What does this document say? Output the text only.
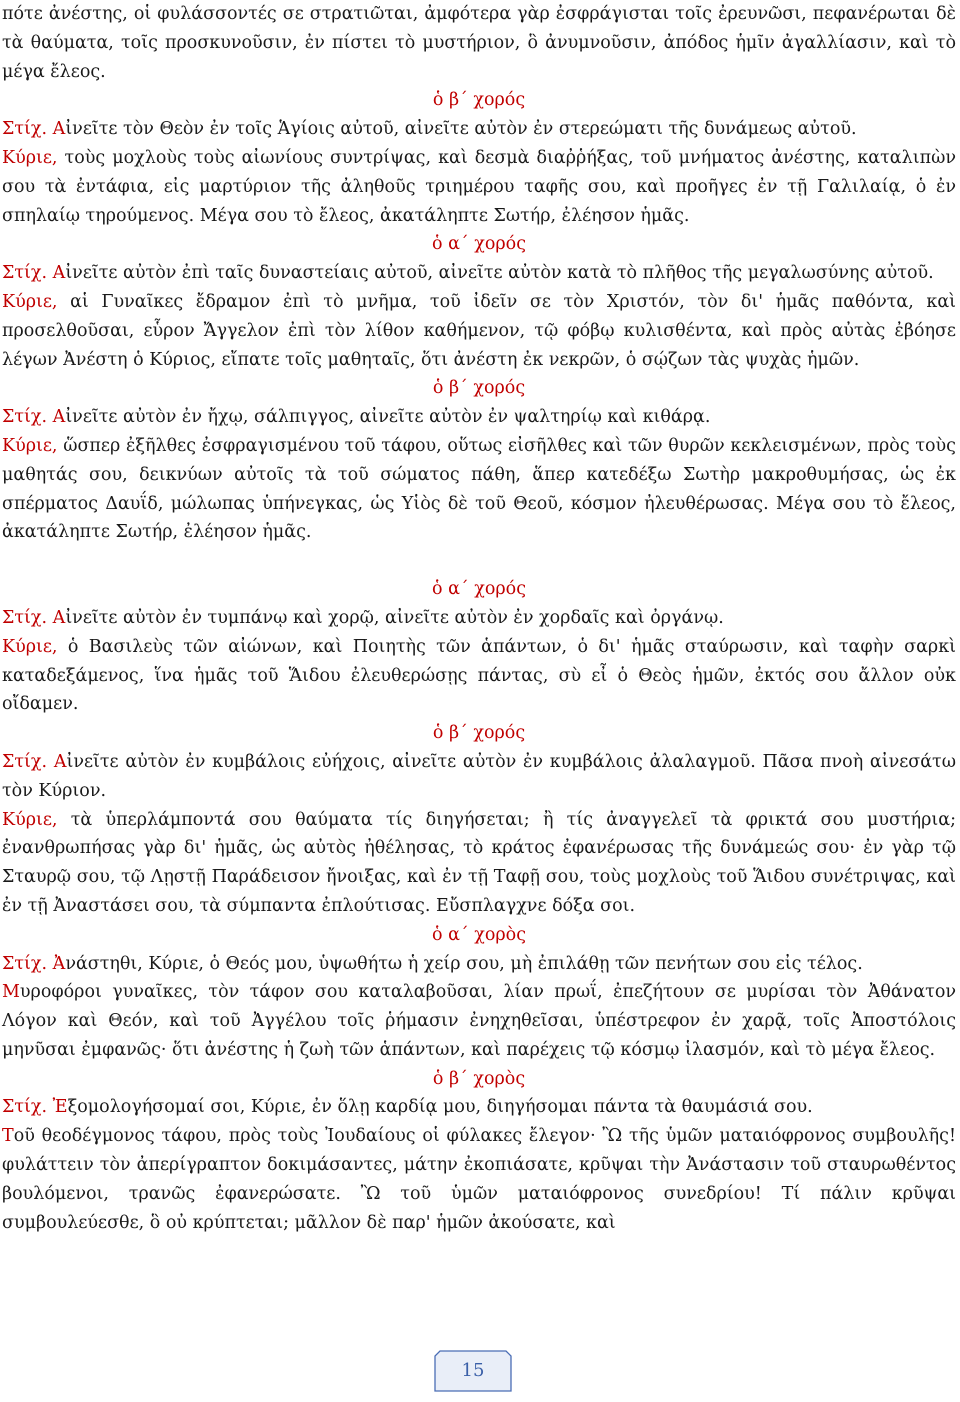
πότε ἀνέστης, οἱ φυλάσσοντές σε στρατιῶται, ἀμφότερα γὰρ ἐσφράγισται τοῖς ἐρευνῶσι, πεφανέρωται δὲ τὰ θαύματα, τοῖς προσκυνοῦσιν, ἐν πίστει τὸ μυστήριον, ὃ ἀνυμνοῦσιν, ἀπόδος ἡμῖν ἀγαλλίασιν, καὶ τὸ μέγα ἔλεος.

ὁ β΄ χορός

Στίχ. Αἰνεῖτε τὸν Θεὸν ἐν τοῖς Ἁγίοις αὐτοῦ, αἰνεῖτε αὐτὸν ἐν στερεώματι τῆς δυνάμεως αὐτοῦ.

Κύριε, τοὺς μοχλοὺς τοὺς αἰωνίους συντρίψας, καὶ δεσμὰ διαῤῥήξας, τοῦ μνήματος ἀνέστης, καταλιπὼν σου τὰ ἐντάφια, εἰς μαρτύριον τῆς ἀληθοῦς τριημέρου ταφῆς σου, καὶ προῆγες ἐν τῇ Γαλιλαίᾳ, ὁ ἐν σπηλαίῳ τηρούμενος. Μέγα σου τὸ ἔλεος, ἀκατάληπτε Σωτήρ, ἐλέησον ἡμᾶς.

ὁ α΄ χορός

Στίχ. Αἰνεῖτε αὐτὸν ἐπὶ ταῖς δυναστείαις αὐτοῦ, αἰνεῖτε αὐτὸν κατὰ τὸ πλῆθος τῆς μεγαλωσύνης αὐτοῦ.

Κύριε, αἱ Γυναῖκες ἔδραμον ἐπὶ τὸ μνῆμα, τοῦ ἰδεῖν σε τὸν Χριστόν, τὸν δι' ἡμᾶς παθόντα, καὶ προσελθοῦσαι, εὗρον Ἄγγελον ἐπὶ τὸν λίθον καθήμενον, τῷ φόβῳ κυλισθέντα, καὶ πρὸς αὐτὰς ἐβόησε λέγων Ἀνέστη ὁ Κύριος, εἴπατε τοῖς μαθηταῖς, ὅτι ἀνέστη ἐκ νεκρῶν, ὁ σῴζων τὰς ψυχὰς ἡμῶν.

ὁ β΄ χορός

Στίχ. Αἰνεῖτε αὐτὸν ἐν ἤχῳ, σάλπιγγος, αἰνεῖτε αὐτὸν ἐν ψαλτηρίῳ καὶ κιθάρᾳ.

Κύριε, ὥσπερ ἐξῆλθες ἐσφραγισμένου τοῦ τάφου, οὕτως εἰσῆλθες καὶ τῶν θυρῶν κεκλεισμένων, πρὸς τοὺς μαθητάς σου, δεικνύων αὐτοῖς τὰ τοῦ σώματος πάθη, ἅπερ κατεδέξω Σωτὴρ μακροθυμήσας, ὡς ἐκ σπέρματος Δαυΐδ, μώλωπας ὑπήνεγκας, ὡς Υἱὸς δὲ τοῦ Θεοῦ, κόσμον ἠλευθέρωσας. Μέγα σου τὸ ἔλεος, ἀκατάληπτε Σωτήρ, ἐλέησον ἡμᾶς.

ὁ α΄ χορός

Στίχ. Αἰνεῖτε αὐτὸν ἐν τυμπάνῳ καὶ χορῷ, αἰνεῖτε αὐτὸν ἐν χορδαῖς καὶ ὀργάνῳ.

Κύριε, ὁ Βασιλεὺς τῶν αἰώνων, καὶ Ποιητὴς τῶν ἁπάντων, ὁ δι' ἡμᾶς σταύρωσιν, καὶ ταφὴν σαρκὶ καταδεξάμενος, ἵνα ἡμᾶς τοῦ Ἅιδου ἐλευθερώσῃς πάντας, σὺ εἶ ὁ Θεὸς ἡμῶν, ἐκτός σου ἄλλον οὐκ οἴδαμεν.

ὁ β΄ χορός

Στίχ. Αἰνεῖτε αὐτὸν ἐν κυμβάλοις εὐήχοις, αἰνεῖτε αὐτὸν ἐν κυμβάλοις ἀλαλαγμοῦ. Πᾶσα πνοὴ αἰνεσάτω τὸν Κύριον.

Κύριε, τὰ ὑπερλάμποντά σου θαύματα τίς διηγήσεται; ἢ τίς ἀναγγελεῖ τὰ φρικτά σου μυστήρια; ἐνανθρωπήσας γὰρ δι' ἡμᾶς, ὡς αὐτὸς ἠθέλησας, τὸ κράτος ἐφανέρωσας τῆς δυνάμεώς σου· ἐν γὰρ τῷ Σταυρῷ σου, τῷ Λῃστῇ Παράδεισον ἤνοιξας, καὶ ἐν τῇ Ταφῇ σου, τοὺς μοχλοὺς τοῦ Ἅιδου συνέτριψας, καὶ ἐν τῇ Ἀναστάσει σου, τὰ σύμπαντα ἐπλούτισας. Εὔσπλαγχνε δόξα σοι.

ὁ α΄ χορὸς

Στίχ. Ἀνάστηθι, Κύριε, ὁ Θεός μου, ὑψωθήτω ἡ χείρ σου, μὴ ἐπιλάθῃ τῶν πενήτων σου εἰς τέλος.

Μυροφόροι γυναῖκες, τὸν τάφον σου καταλαβοῦσαι, λίαν πρωΐ, ἐπεζήτουν σε μυρίσαι τὸν Ἀθάνατον Λόγον καὶ Θεόν, καὶ τοῦ Ἀγγέλου τοῖς ῥήμασιν ἐνηχηθεῖσαι, ὑπέστρεφον ἐν χαρᾷ, τοῖς Ἀποστόλοις μηνῦσαι ἐμφανῶς· ὅτι ἀνέστης ἡ ζωὴ τῶν ἁπάντων, καὶ παρέχεις τῷ κόσμῳ ἱλασμόν, καὶ τὸ μέγα ἔλεος.

ὁ β΄ χορὸς

Στίχ. Ἐξομολογήσομαί σοι, Κύριε, ἐν ὅλῃ καρδίᾳ μου, διηγήσομαι πάντα τὰ θαυμάσιά σου.

Τοῦ θεοδέγμονος τάφου, πρὸς τοὺς Ἰουδαίους οἱ φύλακες ἔλεγον· Ὢ τῆς ὑμῶν ματαιόφρονος συμβουλῆς! φυλάττειν τὸν ἀπερίγραπτον δοκιμάσαντες, μάτην ἐκοπιάσατε, κρῦψαι τὴν Ἀνάστασιν τοῦ σταυρωθέντος βουλόμενοι, τρανῶς ἐφανερώσατε. Ὢ τοῦ ὑμῶν ματαιόφρονος συνεδρίου! Τί πάλιν κρῦψαι συμβουλεύεσθε, ὃ οὐ κρύπτεται; μᾶλλον δὲ παρ' ἡμῶν ἀκούσατε, καὶ

15
